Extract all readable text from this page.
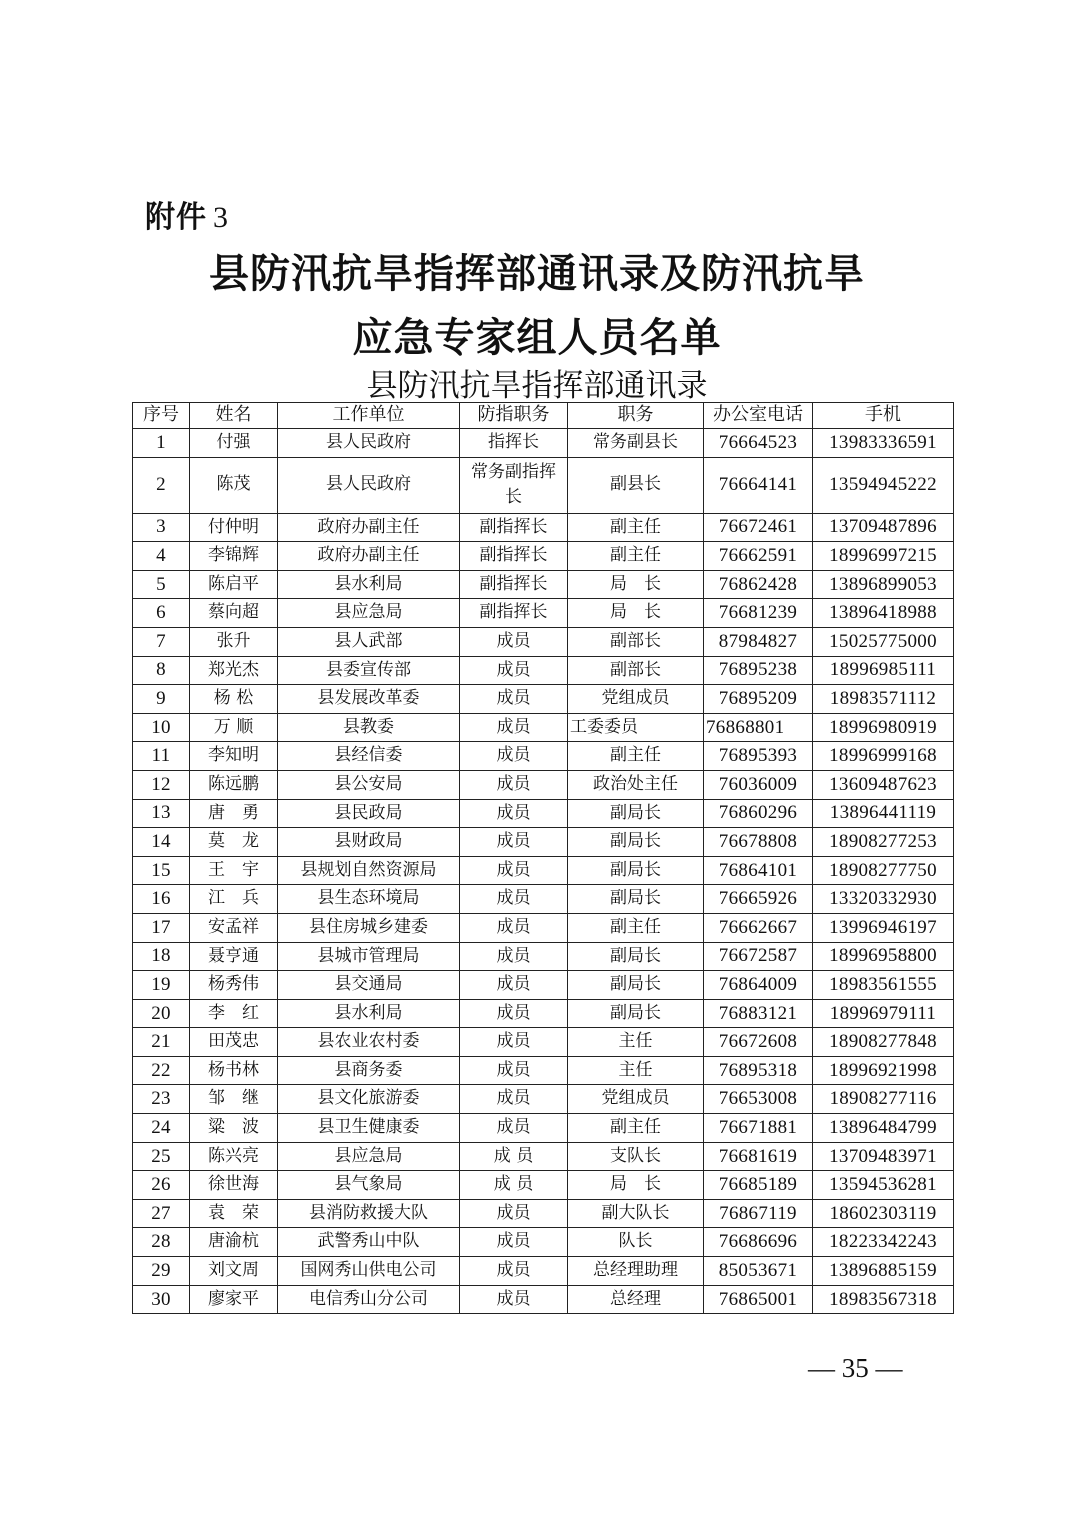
附件 3
县防汛抗旱指挥部通讯录及防汛抗旱
应急专家组人员名单
县防汛抗旱指挥部通讯录
序号	姓名	工作单位	防指职务	职务	办公室电话	手机
1	付强	县人民政府	指挥长	常务副县长	76664523	13983336591
2	陈茂	县人民政府	常务副指挥长	副县长	76664141	13594945222
3	付仲明	政府办副主任	副指挥长	副主任	76672461	13709487896
4	李锦辉	政府办副主任	副指挥长	副主任	76662591	18996997215
5	陈启平	县水利局	副指挥长	局　长	76862428	13896899053
6	蔡向超	县应急局	副指挥长	局　长	76681239	13896418988
7	张升	县人武部	成员	副部长	87984827	15025775000
8	郑光杰	县委宣传部	成员	副部长	76895238	18996985111
9	杨 松	县发展改革委	成员	党组成员	76895209	18983571112
10	万 顺	县教委	成员	工委委员	76868801	18996980919
11	李知明	县经信委	成员	副主任	76895393	18996999168
12	陈远鹏	县公安局	成员	政治处主任	76036009	13609487623
13	唐　勇	县民政局	成员	副局长	76860296	13896441119
14	莫　龙	县财政局	成员	副局长	76678808	18908277253
15	王　宇	县规划自然资源局	成员	副局长	76864101	18908277750
16	江　兵	县生态环境局	成员	副局长	76665926	13320332930
17	安孟祥	县住房城乡建委	成员	副主任	76662667	13996946197
18	聂亨通	县城市管理局	成员	副局长	76672587	18996958800
19	杨秀伟	县交通局	成员	副局长	76864009	18983561555
20	李　红	县水利局	成员	副局长	76883121	18996979111
21	田茂忠	县农业农村委	成员	主任	76672608	18908277848
22	杨书林	县商务委	成员	主任	76895318	18996921998
23	邹　继	县文化旅游委	成员	党组成员	76653008	18908277116
24	粱　波	县卫生健康委	成员	副主任	76671881	13896484799
25	陈兴亮	县应急局	成 员	支队长	76681619	13709483971
26	徐世海	县气象局	成 员	局　长	76685189	13594536281
27	袁　荣	县消防救援大队	成员	副大队长	76867119	18602303119
28	唐渝杭	武警秀山中队	成员	队长	76686696	18223342243
29	刘文周	国网秀山供电公司	成员	总经理助理	85053671	13896885159
30	廖家平	电信秀山分公司	成员	总经理	76865001	18983567318
— 35 —
